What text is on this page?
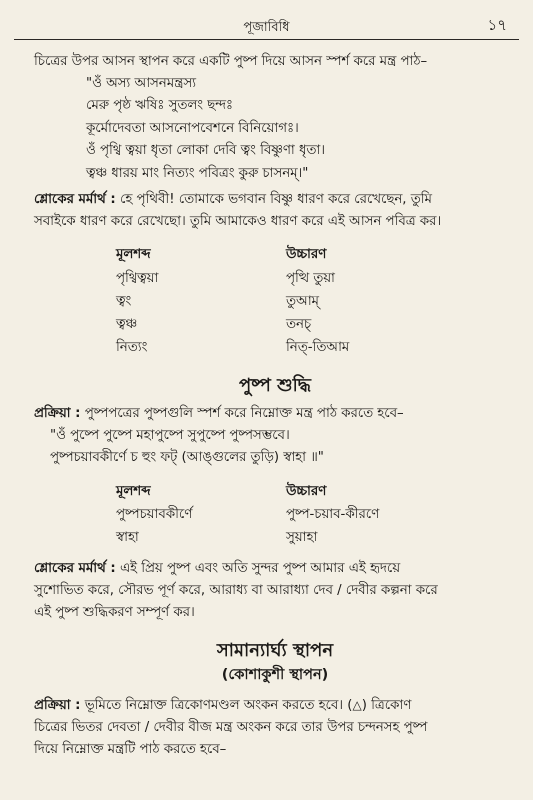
পূজাবিধি	১৭

চিত্রের উপর আসন স্থাপন করে একটি পুষ্প দিয়ে আসন স্পর্শ করে মন্ত্র পাঠ–

"ওঁ অস্য আসনমন্ত্রস্য

মেরু পৃষ্ঠ ঋষিঃ সুতলং ছন্দঃ

কূর্মোদেবতা আসনোপবেশনে বিনিয়োগঃ।

ওঁ পৃথ্বি ত্বয়া ধৃতা লোকা দেবি ত্বং বিষ্ণুণা ধৃতা।

ত্বঞ্চ ধারয় মাং নিত্যং পবিত্রং কুরু চাসনম্।"

শ্লোকের মর্মার্থ : হে পৃথিবী! তোমাকে ভগবান বিষ্ণু ধারণ করে রেখেছেন, তুমি

সবাইকে ধারণ করে রেখেছো। তুমি আমাকেও ধারণ করে এই আসন পবিত্র কর।

মূলশব্দ	উচ্চারণ
পৃথ্বিত্বয়া	পৃত্থি তুয়া
ত্বং	তুআম্
ত্বঞ্চ	তনচ্
নিত্যং	নিত্-তিআম
পুষ্প শুদ্ধি

প্রক্রিয়া : পুষ্পপত্রের পুষ্পগুলি স্পর্শ করে নিম্নোক্ত মন্ত্র পাঠ করতে হবে–

"ওঁ পুষ্পে পুষ্পে মহাপুষ্পে সুপুষ্পে পুষ্পসম্ভবে।

পুষ্পচয়াবকীর্ণে চ হুং ফট্ (আঙ্গুলের তুড়ি) স্বাহা ॥"

মূলশব্দ	উচ্চারণ
পুষ্পচয়াবকীর্ণে	পুষ্প-চয়াব-কীরণে
স্বাহা	সুয়াহা

শ্লোকের মর্মার্থ : এই প্রিয় পুষ্প এবং অতি সুন্দর পুষ্প আমার এই হৃদয়ে

সুশোভিত করে, সৌরভ পূর্ণ করে, আরাধ্য বা আরাধ্যা দেব / দেবীর কল্পনা করে

এই পুষ্প শুদ্ধিকরণ সম্পূর্ণ কর।

সামান্যার্ঘ্য স্থাপন
(কোশাকুশী স্থাপন)

প্রক্রিয়া : ভূমিতে নিম্নোক্ত ত্রিকোণমণ্ডল অংকন করতে হবে। (△) ত্রিকোণ

চিত্রের ভিতর দেবতা / দেবীর বীজ মন্ত্র অংকন করে তার উপর চন্দনসহ পুষ্প

দিয়ে নিম্নোক্ত মন্ত্রটি পাঠ করতে হবে–
